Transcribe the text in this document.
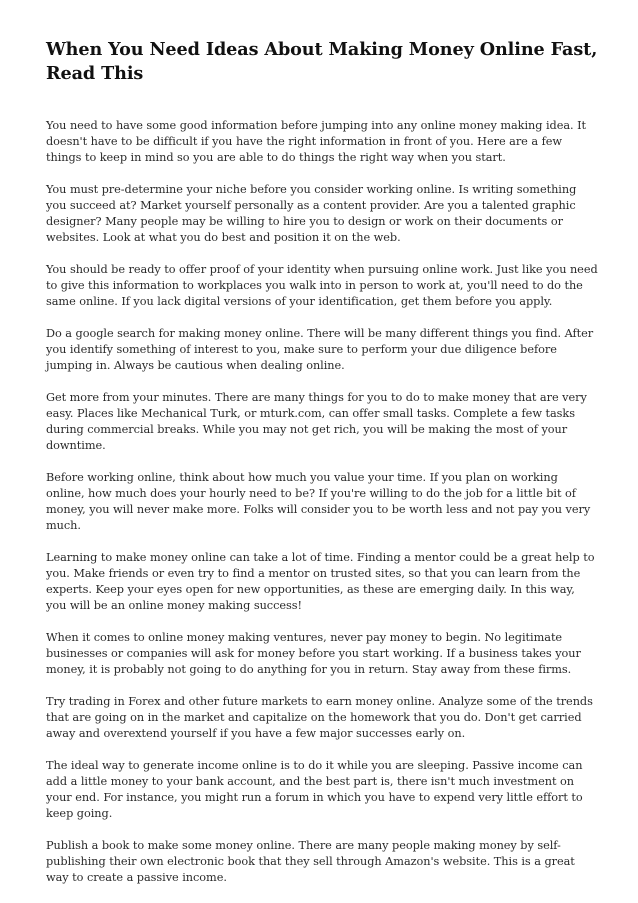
When You Need Ideas About Making Money Online Fast,
Read This

You need to have some good information before jumping into any online money making idea. It doesn't have to be difficult if you have the right information in front of you. Here are a few things to keep in mind so you are able to do things the right way when you start.

You must pre-determine your niche before you consider working online. Is writing something you succeed at? Market yourself personally as a content provider. Are you a talented graphic designer? Many people may be willing to hire you to design or work on their documents or websites. Look at what you do best and position it on the web.

You should be ready to offer proof of your identity when pursuing online work. Just like you need to give this information to workplaces you walk into in person to work at, you'll need to do the same online. If you lack digital versions of your identification, get them before you apply.

Do a google search for making money online. There will be many different things you find. After you identify something of interest to you, make sure to perform your due diligence before jumping in. Always be cautious when dealing online.

Get more from your minutes. There are many things for you to do to make money that are very easy. Places like Mechanical Turk, or mturk.com, can offer small tasks. Complete a few tasks during commercial breaks. While you may not get rich, you will be making the most of your downtime.

Before working online, think about how much you value your time. If you plan on working online, how much does your hourly need to be? If you're willing to do the job for a little bit of money, you will never make more. Folks will consider you to be worth less and not pay you very much.

Learning to make money online can take a lot of time. Finding a mentor could be a great help to you. Make friends or even try to find a mentor on trusted sites, so that you can learn from the experts. Keep your eyes open for new opportunities, as these are emerging daily. In this way, you will be an online money making success!

When it comes to online money making ventures, never pay money to begin. No legitimate businesses or companies will ask for money before you start working. If a business takes your money, it is probably not going to do anything for you in return. Stay away from these firms.

Try trading in Forex and other future markets to earn money online. Analyze some of the trends that are going on in the market and capitalize on the homework that you do. Don't get carried away and overextend yourself if you have a few major successes early on.

The ideal way to generate income online is to do it while you are sleeping. Passive income can add a little money to your bank account, and the best part is, there isn't much investment on your end. For instance, you might run a forum in which you have to expend very little effort to keep going.

Publish a book to make some money online. There are many people making money by self-publishing their own electronic book that they sell through Amazon's website. This is a great way to create a passive income.
